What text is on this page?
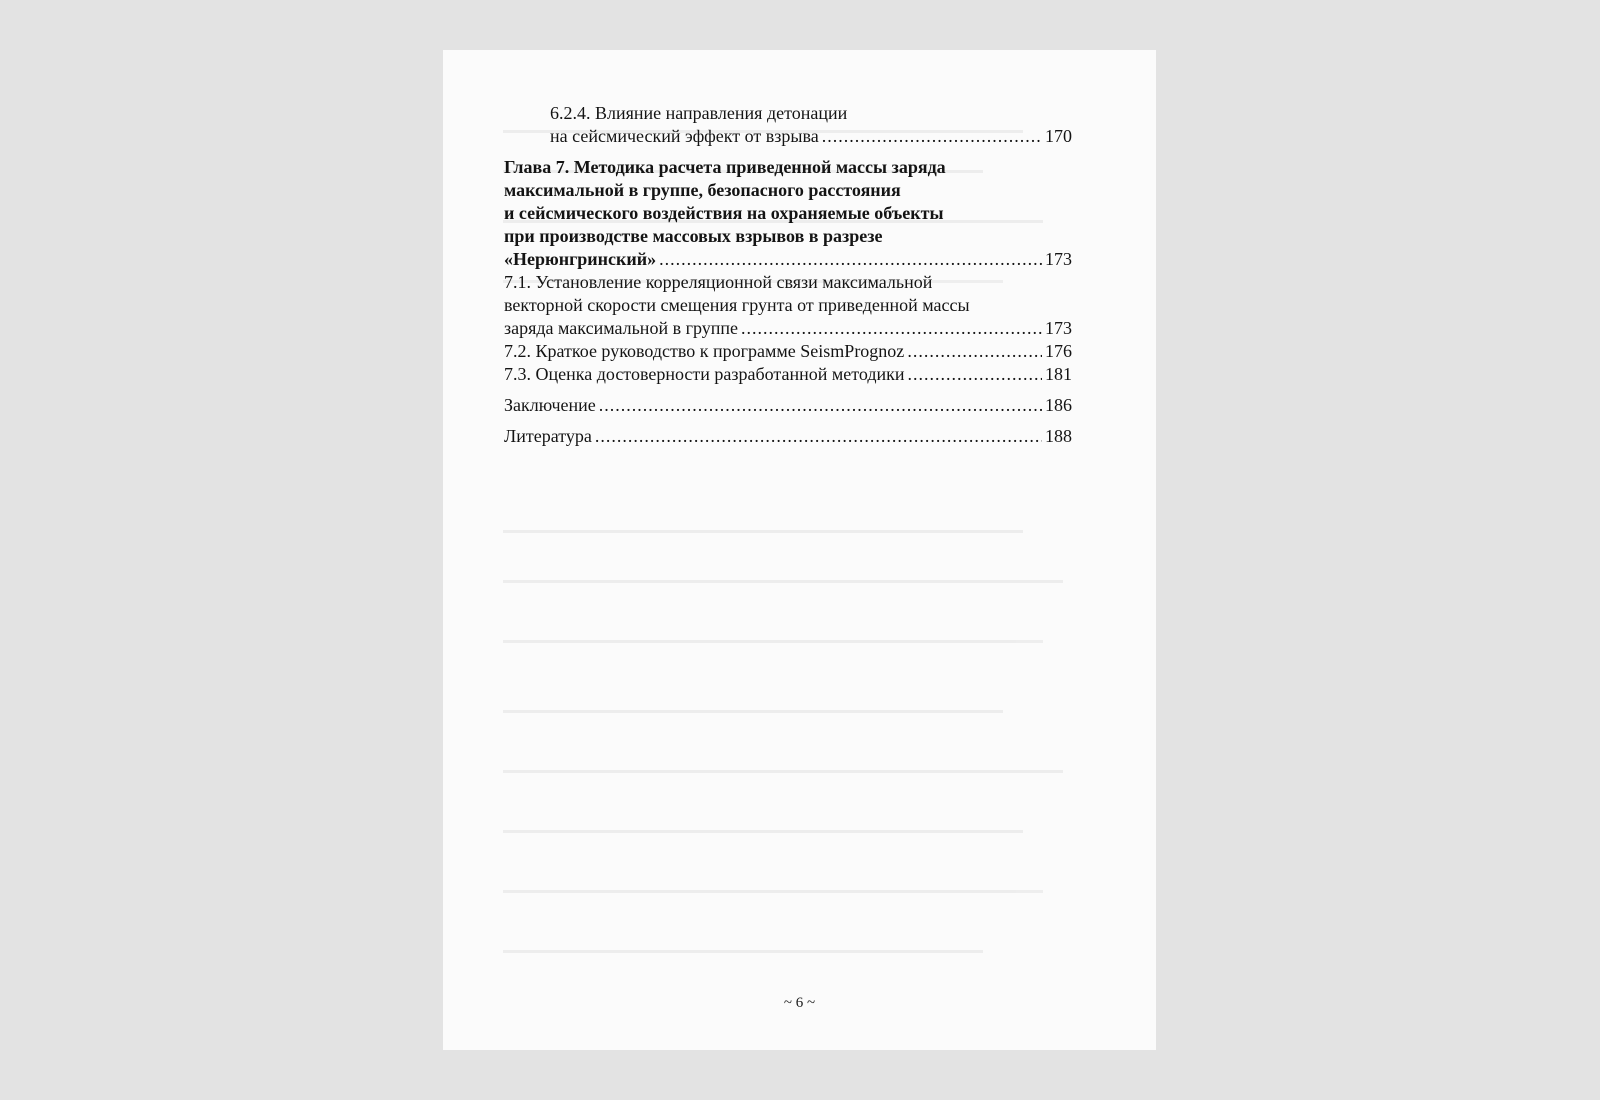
6.2.4. Влияние направления детонации
на сейсмический эффект от взрыва .....	170
Глава 7. Методика расчета приведенной массы заряда
максимальной в группе, безопасного расстояния
и сейсмического воздействия на охраняемые объекты
при производстве массовых взрывов в разрезе
«Нерюнгринский» .....	173
7.1. Установление корреляционной связи максимальной
векторной скорости смещения грунта от приведенной массы
заряда максимальной в группе .....	173
7.2. Краткое руководство к программе SeismPrognoz .....	176
7.3. Оценка достоверности разработанной методики .....	181
Заключение .....	186
Литература .....	188
~ 6 ~
